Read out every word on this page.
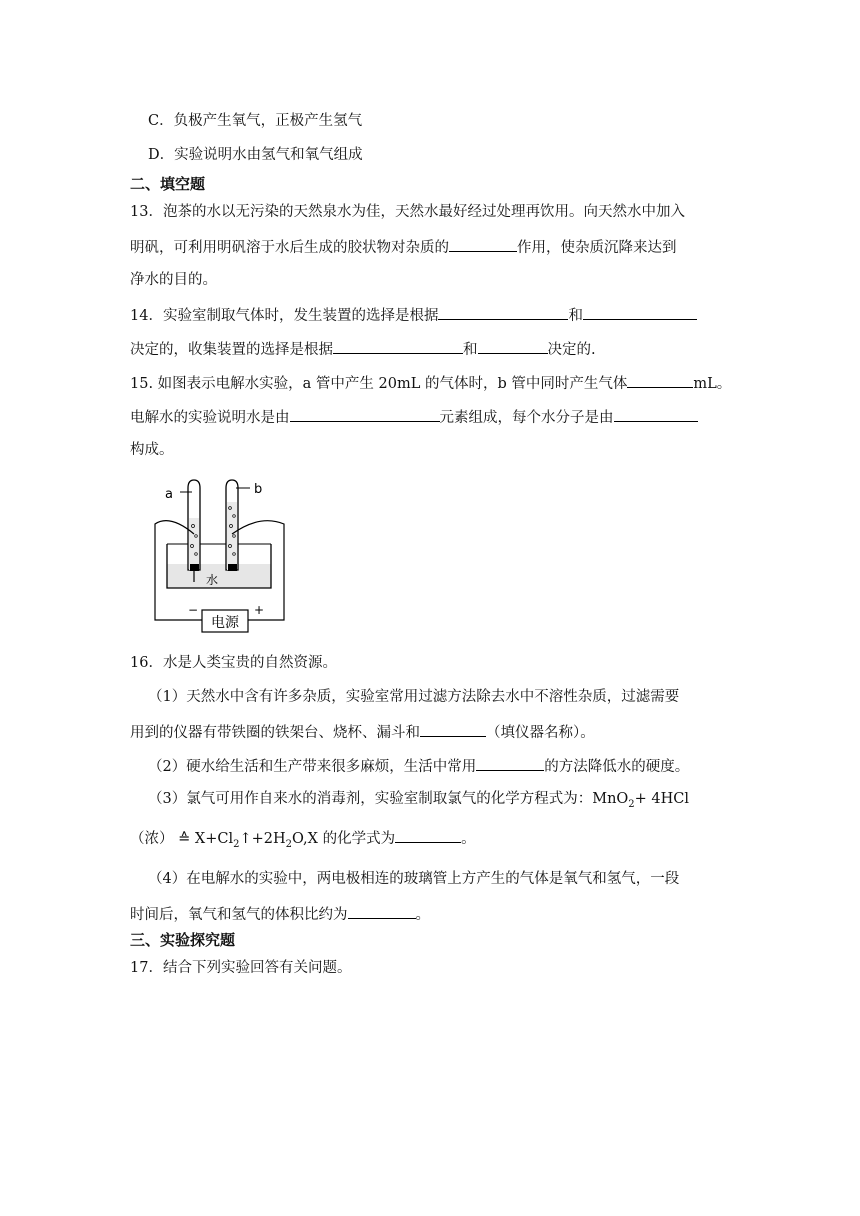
C．负极产生氧气，正极产生氢气
D．实验说明水由氢气和氧气组成
二、填空题
13．泡茶的水以无污染的天然泉水为佳，天然水最好经过处理再饮用。向天然水中加入
明矾，可利用明矾溶于水后生成的胶状物对杂质的	作用，使杂质沉降来达到
净水的目的。
14．实验室制取气体时，发生装置的选择是根据	和
决定的，收集装置的选择是根据	和	决定的.
15. 如图表示电解水实验，a 管中产生 20mL 的气体时，b 管中同时产生气体	mL。
电解水的实验说明水是由	元素组成，每个水分子是由
构成。
电源
a	b
水
−	+
16．水是人类宝贵的自然资源。
（1）天然水中含有许多杂质，实验室常用过滤方法除去水中不溶性杂质，过滤需要
用到的仪器有带铁圈的铁架台、烧杯、漏斗和	（填仪器名称）。
（2）硬水给生活和生产带来很多麻烦，生活中常用	的方法降低水的硬度。
（3）氯气可用作自来水的消毒剂，实验室制取氯气的化学方程式为：MnO$_2$+ 4HCl
（浓） ≙ $X+Cl_2↑+2H_2O,X$ 的化学式为	。
（4）在电解水的实验中，两电极相连的玻璃管上方产生的气体是氧气和氢气，一段
时间后，氧气和氢气的体积比约为	。
三、实验探究题
17．结合下列实验回答有关问题。
